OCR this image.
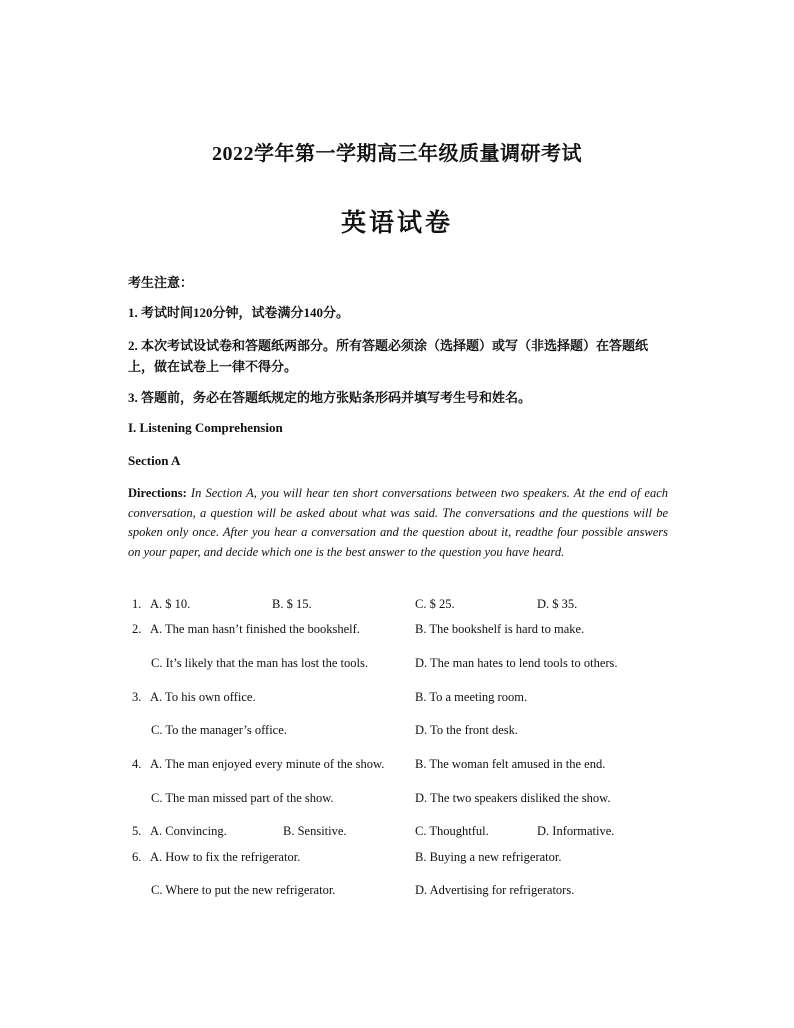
2022学年第一学期高三年级质量调研考试
英语试卷
考生注意：
1. 考试时间120分钟，试卷满分140分。
2. 本次考试设试卷和答题纸两部分。所有答题必须涂（选择题）或写（非选择题）在答题纸上，做在试卷上一律不得分。
3. 答题前，务必在答题纸规定的地方张贴条形码并填写考生号和姓名。
I. Listening Comprehension
Section A
Directions: In Section A, you will hear ten short conversations between two speakers. At the end of each conversation, a question will be asked about what was said. The conversations and the questions will be spoken only once. After you hear a conversation and the question about it, readthe four possible answers on your paper, and decide which one is the best answer to the question you have heard.
1. A. $ 10.	B. $ 15.	C. $ 25.	D. $ 35.
2. A. The man hasn’t finished the bookshelf.	B. The bookshelf is hard to make.
C. It’s likely that the man has lost the tools.	D. The man hates to lend tools to others.
3. A. To his own office.	B. To a meeting room.
C. To the manager’s office.	D. To the front desk.
4. A. The man enjoyed every minute of the show. B. The woman felt amused in the end.
C. The man missed part of the show.	D. The two speakers disliked the show.
5. A. Convincing.	B. Sensitive.	C. Thoughtful.	D. Informative.
6. A. How to fix the refrigerator.	B. Buying a new refrigerator.
C. Where to put the new refrigerator.	D. Advertising for refrigerators.
